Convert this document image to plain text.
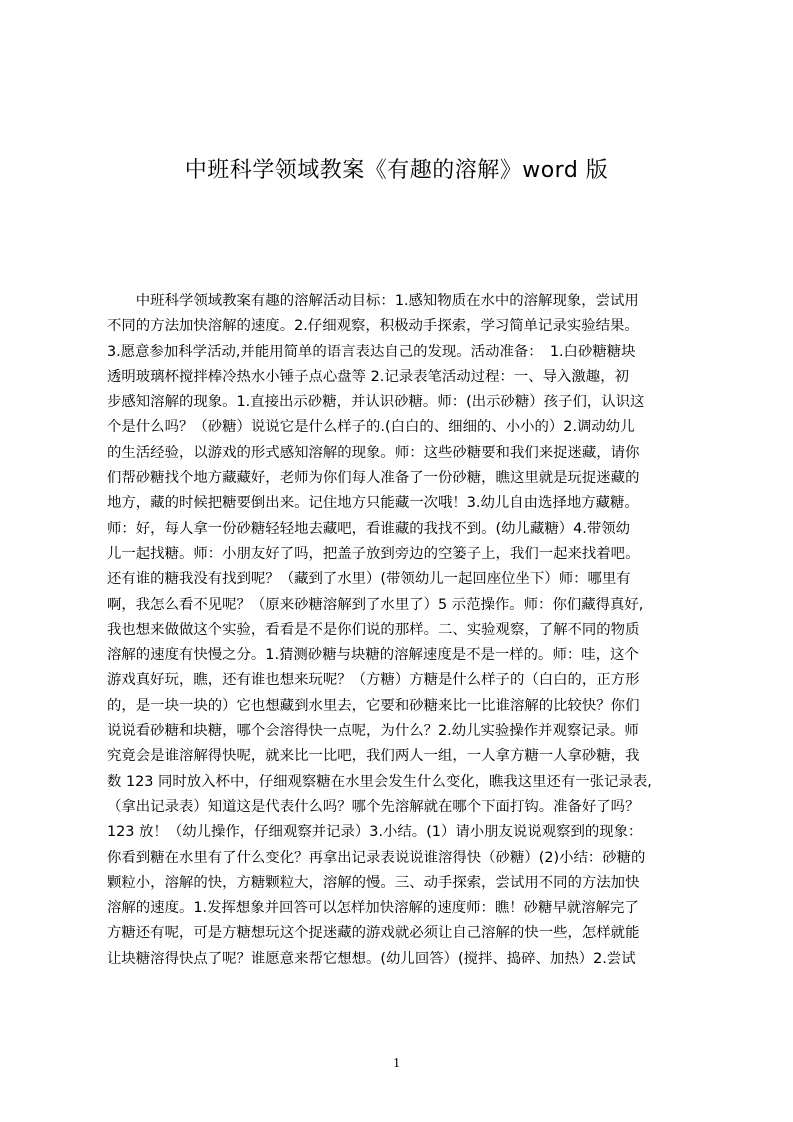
中班科学领域教案《有趣的溶解》word 版
　　中班科学领域教案有趣的溶解活动目标：1.感知物质在水中的溶解现象，尝试用
不同的方法加快溶解的速度。2.仔细观察，积极动手探索，学习简单记录实验结果。
3.愿意参加科学活动,并能用简单的语言表达自己的发现。活动准备：　1.白砂糖糖块
透明玻璃杯搅拌棒冷热水小锤子点心盘等 2.记录表笔活动过程：一、导入激趣，初
步感知溶解的现象。1.直接出示砂糖，并认识砂糖。师：(出示砂糖）孩子们，认识这
个是什么吗？（砂糖）说说它是什么样子的.(白白的、细细的、小小的）2.调动幼儿
的生活经验，以游戏的形式感知溶解的现象。师：这些砂糖要和我们来捉迷藏，请你
们帮砂糖找个地方藏藏好，老师为你们每人准备了一份砂糖，瞧这里就是玩捉迷藏的
地方，藏的时候把糖要倒出来。记住地方只能藏一次哦！3.幼儿自由选择地方藏糖。
师：好，每人拿一份砂糖轻轻地去藏吧，看谁藏的我找不到。(幼儿藏糖）4.带领幼
儿一起找糖。师：小朋友好了吗，把盖子放到旁边的空篓子上，我们一起来找着吧。
还有谁的糖我没有找到呢？（藏到了水里）(带领幼儿一起回座位坐下）师：哪里有
啊，我怎么看不见呢？（原来砂糖溶解到了水里了）5 示范操作。师：你们藏得真好,
我也想来做做这个实验，看看是不是你们说的那样。二、实验观察，了解不同的物质
溶解的速度有快慢之分。1.猜测砂糖与块糖的溶解速度是不是一样的。师：哇，这个
游戏真好玩，瞧，还有谁也想来玩呢？（方糖）方糖是什么样子的（白白的，正方形
的，是一块一块的）它也想藏到水里去，它要和砂糖来比一比谁溶解的比较快？你们
说说看砂糖和块糖，哪个会溶得快一点呢，为什么？2.幼儿实验操作并观察记录。师
究竟会是谁溶解得快呢，就来比一比吧，我们两人一组，一人拿方糖一人拿砂糖，我
数 123 同时放入杯中，仔细观察糖在水里会发生什么变化，瞧我这里还有一张记录表,
（拿出记录表）知道这是代表什么吗？哪个先溶解就在哪个下面打钩。准备好了吗？
123 放！（幼儿操作，仔细观察并记录）3.小结。(1）请小朋友说说观察到的现象：
你看到糖在水里有了什么变化？再拿出记录表说说谁溶得快（砂糖）(2)小结：砂糖的
颗粒小，溶解的快，方糖颗粒大，溶解的慢。三、动手探索，尝试用不同的方法加快
溶解的速度。1.发挥想象并回答可以怎样加快溶解的速度师：瞧！砂糖早就溶解完了
方糖还有呢，可是方糖想玩这个捉迷藏的游戏就必须让自己溶解的快一些，怎样就能
让块糖溶得快点了呢？谁愿意来帮它想想。(幼儿回答）(搅拌、捣碎、加热）2.尝试
1
